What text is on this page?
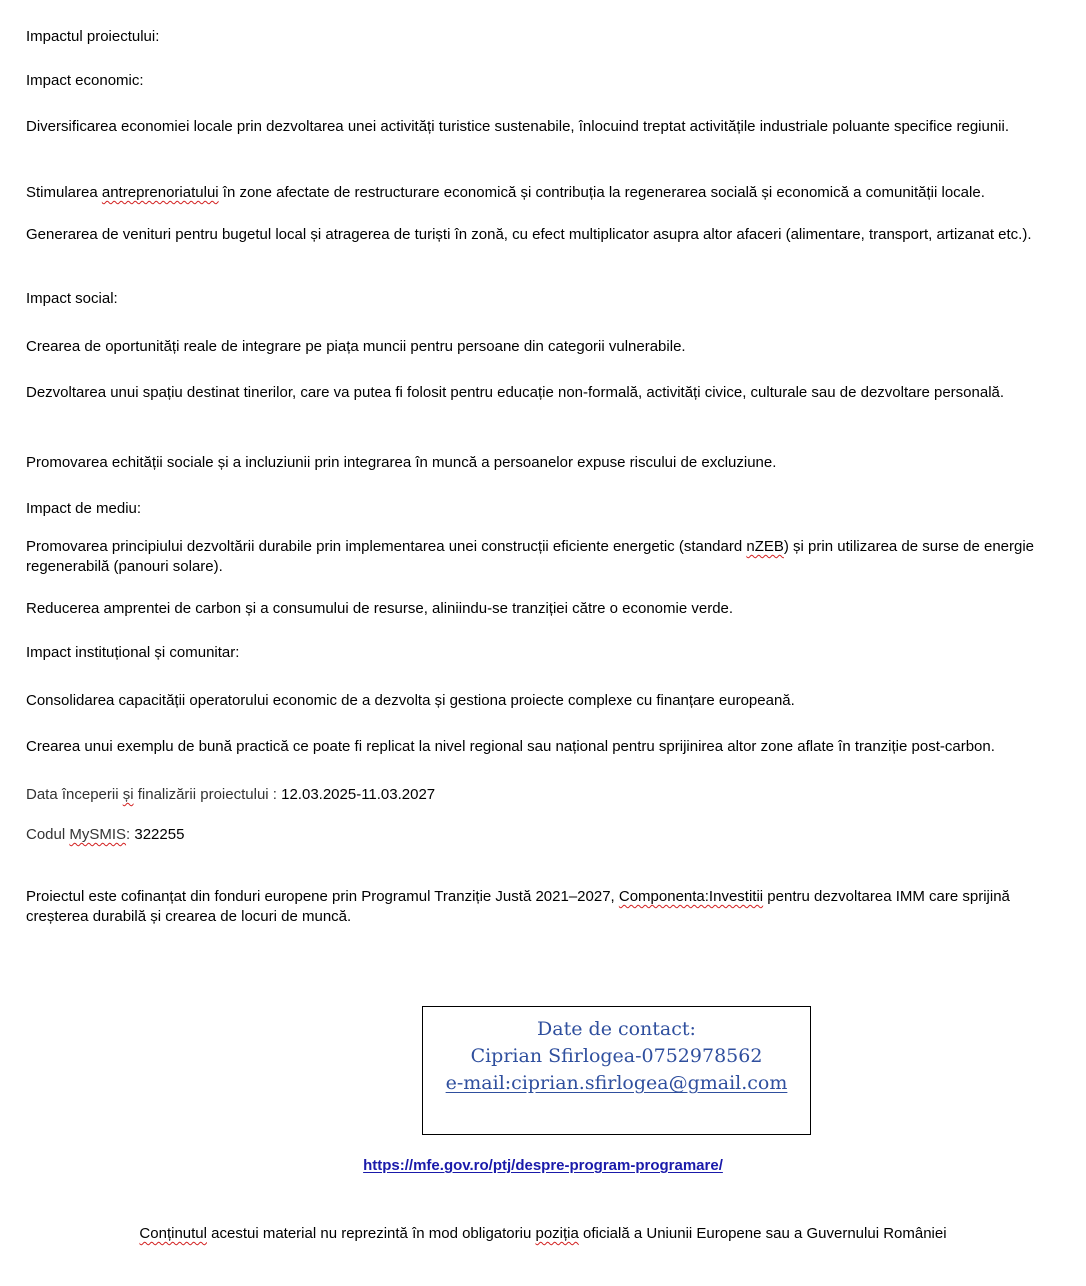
Impactul proiectului:

Impact economic:

Diversificarea economiei locale prin dezvoltarea unei activități turistice sustenabile, înlocuind treptat activitățile industriale poluante specifice regiunii.

Stimularea antreprenoriatului în zone afectate de restructurare economică și contribuția la regenerarea socială și economică a comunității locale.

Generarea de venituri pentru bugetul local și atragerea de turiști în zonă, cu efect multiplicator asupra altor afaceri (alimentare, transport, artizanat etc.).

Impact social:

Crearea de oportunități reale de integrare pe piața muncii pentru persoane din categorii vulnerabile.

Dezvoltarea unui spațiu destinat tinerilor, care va putea fi folosit pentru educație non-formală, activități civice, culturale sau de dezvoltare personală.

Promovarea echității sociale și a incluziunii prin integrarea în muncă a persoanelor expuse riscului de excluziune.

Impact de mediu:

Promovarea principiului dezvoltării durabile prin implementarea unei construcții eficiente energetic (standard nZEB) și prin utilizarea de surse de energie regenerabilă (panouri solare).

Reducerea amprentei de carbon și a consumului de resurse, aliniindu-se tranziției către o economie verde.

Impact instituțional și comunitar:

Consolidarea capacității operatorului economic de a dezvolta și gestiona proiecte complexe cu finanțare europeană.

Crearea unui exemplu de bună practică ce poate fi replicat la nivel regional sau național pentru sprijinirea altor zone aflate în tranziție post-carbon.

Data începerii și finalizării proiectului : 12.03.2025-11.03.2027

Codul MySMIS: 322255

Proiectul este cofinanțat din fonduri europene prin Programul Tranziție Justă 2021–2027, Componenta:Investitii pentru dezvoltarea IMM care sprijină creșterea durabilă și crearea de locuri de muncă.

Date de contact:
Ciprian Sfirlogea-0752978562
e-mail:ciprian.sfirlogea@gmail.com
https://mfe.gov.ro/ptj/despre-program-programare/
Conținutul acestui material nu reprezintă în mod obligatoriu poziția oficială a Uniunii Europene sau a Guvernului României
